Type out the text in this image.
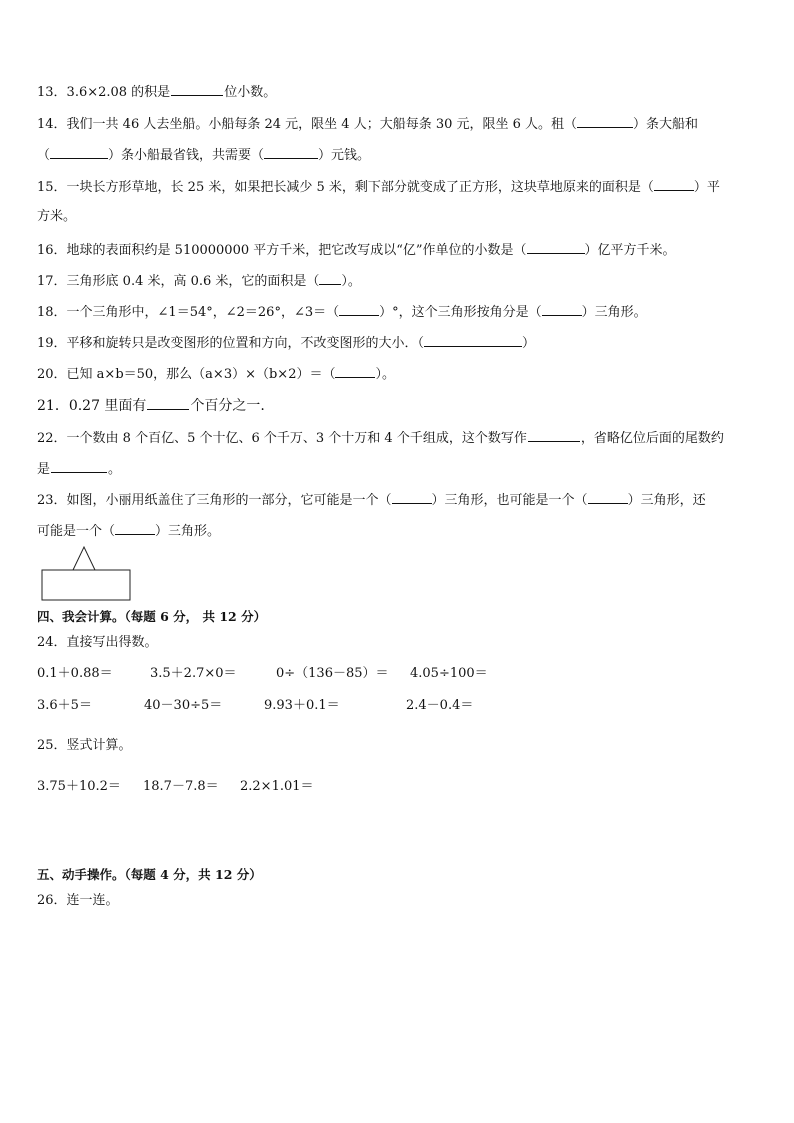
13．3.6×2.08 的积是	位小数。
14．我们一共 46 人去坐船。小船每条 24 元，限坐 4 人；大船每条 30 元，限坐 6 人。租（	）条大船和
（	）条小船最省钱，共需要（	）元钱。
15．一块长方形草地，长 25 米，如果把长减少 5 米，剩下部分就变成了正方形，这块草地原来的面积是（	）平
方米。
16．地球的表面积约是 510000000 平方千米，把它改写成以“亿”作单位的小数是（	）亿平方千米。
17．三角形底 0.4 米，高 0.6 米，它的面积是（ ）。
18．一个三角形中，∠1＝54°，∠2＝26°，∠3＝（	）°，这个三角形按角分是（	）三角形。
19．平移和旋转只是改变图形的位置和方向，不改变图形的大小．（	）
20．已知 a×b＝50，那么（a×3）×（b×2）＝（	）。
21．0.27 里面有	个百分之一.
22．一个数由 8 个百亿、5 个十亿、6 个千万、3 个十万和 4 个千组成，这个数写作	，省略亿位后面的尾数约
是	。
23．如图，小丽用纸盖住了三角形的一部分，它可能是一个（	）三角形，也可能是一个（	）三角形，还
可能是一个（	）三角形。
四、我会计算。（每题 6 分， 共 12 分）
24．直接写出得数。
0.1＋0.88＝	3.5＋2.7×0＝	0÷（136－85）＝ 4.05÷100＝
3.6＋5＝	40－30÷5＝	9.93＋0.1＝	2.4－0.4＝
25．竖式计算。
3.75＋10.2＝ 18.7－7.8＝ 2.2×1.01＝
五、动手操作。（每题 4 分，共 12 分）
26．连一连。
